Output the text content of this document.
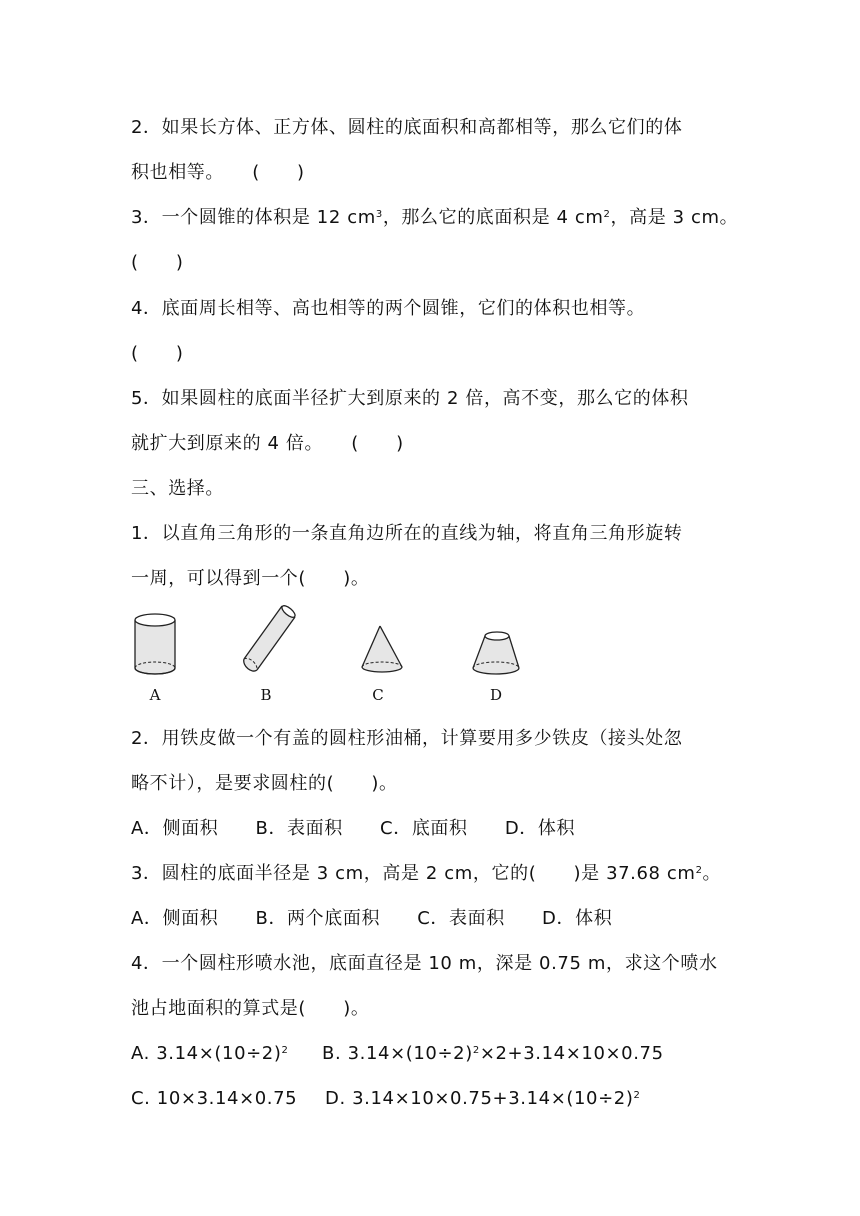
2．如果长方体、正方体、圆柱的底面积和高都相等，那么它们的体
积也相等。　　(　　)
3．一个圆锥的体积是 12 $cm^3$，那么它的底面积是 4 $cm^2$，高是 3 cm。
(　　)
4．底面周长相等、高也相等的两个圆锥，它们的体积也相等。
(　　)
5．如果圆柱的底面半径扩大到原来的 2 倍，高不变，那么它的体积
就扩大到原来的 4 倍。　　(　　)
三、选择。
1．以直角三角形的一条直角边所在的直线为轴，将直角三角形旋转
一周，可以得到一个(　　)。
A	B	C	D
2．用铁皮做一个有盖的圆柱形油桶，计算要用多少铁皮（接头处忽
略不计），是要求圆柱的(　　)。
A．侧面积　　B．表面积　　C．底面积　　D．体积
3．圆柱的底面半径是 3 cm，高是 2 cm，它的(　　)是 37.68 $cm^2$。
A．侧面积　　B．两个底面积　　C．表面积　　D．体积
4．一个圆柱形喷水池，底面直径是 10 m，深是 0.75 m，求这个喷水
池占地面积的算式是(　　)。
A. $3.14\times(10\div 2)^2$ B. $3.14\times(10\div 2)^2\times 2+3.14\times 10\times 0.75$
C. 10×3.14×0.75 D. $3.14\times 10\times 0.75+3.14\times(10\div 2)^2$
